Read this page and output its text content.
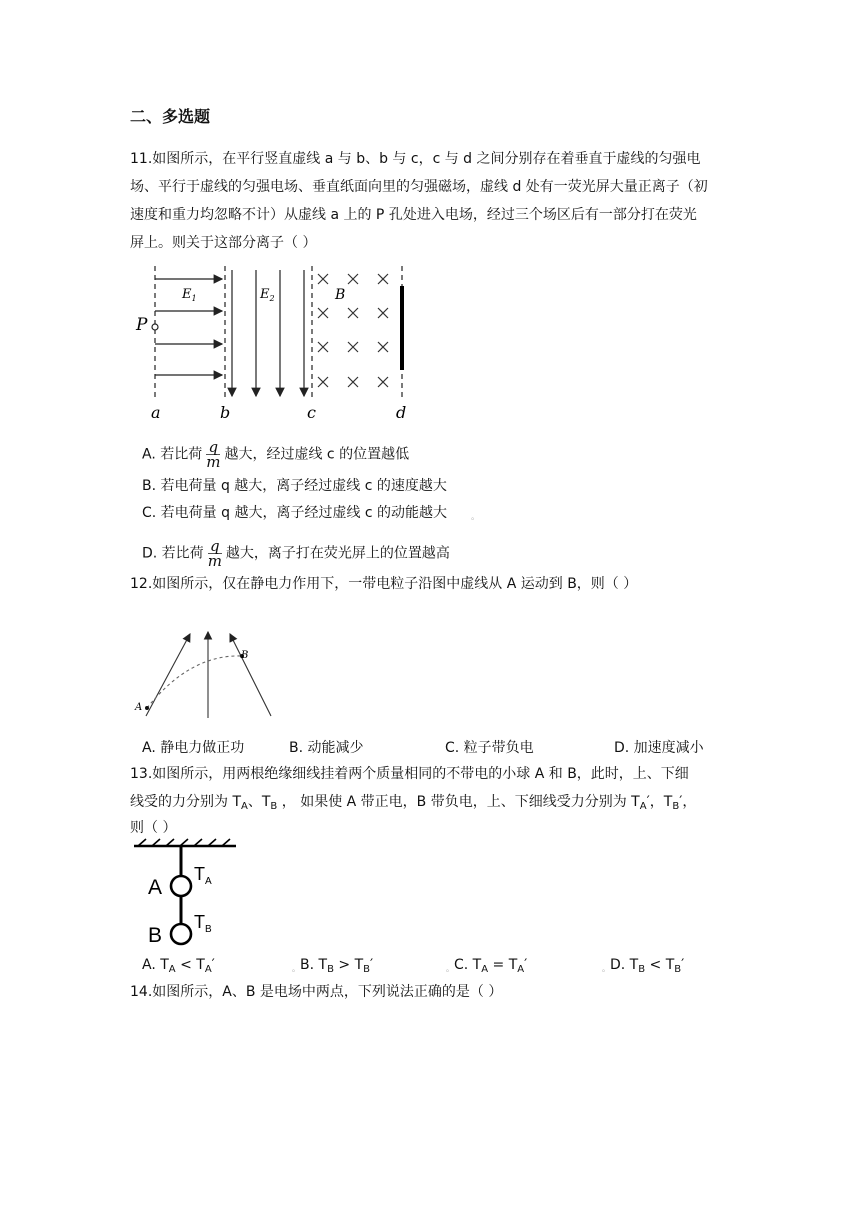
二、多选题
11.如图所示，在平行竖直虚线 a 与 b、b 与 c，c 与 d 之间分别存在着垂直于虚线的匀强电
场、平行于虚线的匀强电场、垂直纸面向里的匀强磁场，虚线 d 处有一荧光屏大量正离子（初
速度和重力均忽略不计）从虚线 a 上的 P 孔处进入电场，经过三个场区后有一部分打在荧光
屏上。则关于这部分离子（ ）
$E_1$	$E_2$	B
P
a	b	c	d
A. 若比荷 $\frac{q}{m}$ 越大，经过虚线 c 的位置越低
B. 若电荷量 q 越大，离子经过虚线 c 的速度越大
C. 若电荷量 q 越大，离子经过虚线 c 的动能越大	。
D. 若比荷 $\frac{q}{m}$ 越大，离子打在荧光屏上的位置越高
12.如图所示，仅在静电力作用下，一带电粒子沿图中虚线从 A 运动到 B，则（ ）
A
B
A. 静电力做正功	B. 动能减少	C. 粒子带负电	D. 加速度减小
13.如图所示，用两根绝缘细线挂着两个质量相同的不带电的小球 A 和 B，此时，上、下细
线受的力分别为 $T_A$、$T_B$ ， 如果使 A 带正电，B 带负电，上、下细线受力分别为 $T_A'$，$T_B'$，
则（ ）
A
B
$T_A$
$T_B$
A. $T_A < T_A'$	。B. $T_B > T_B'$	。C. $T_A = T_A'$	。D. $T_B < T_B'$
14.如图所示，A、B 是电场中两点，下列说法正确的是（ ）
